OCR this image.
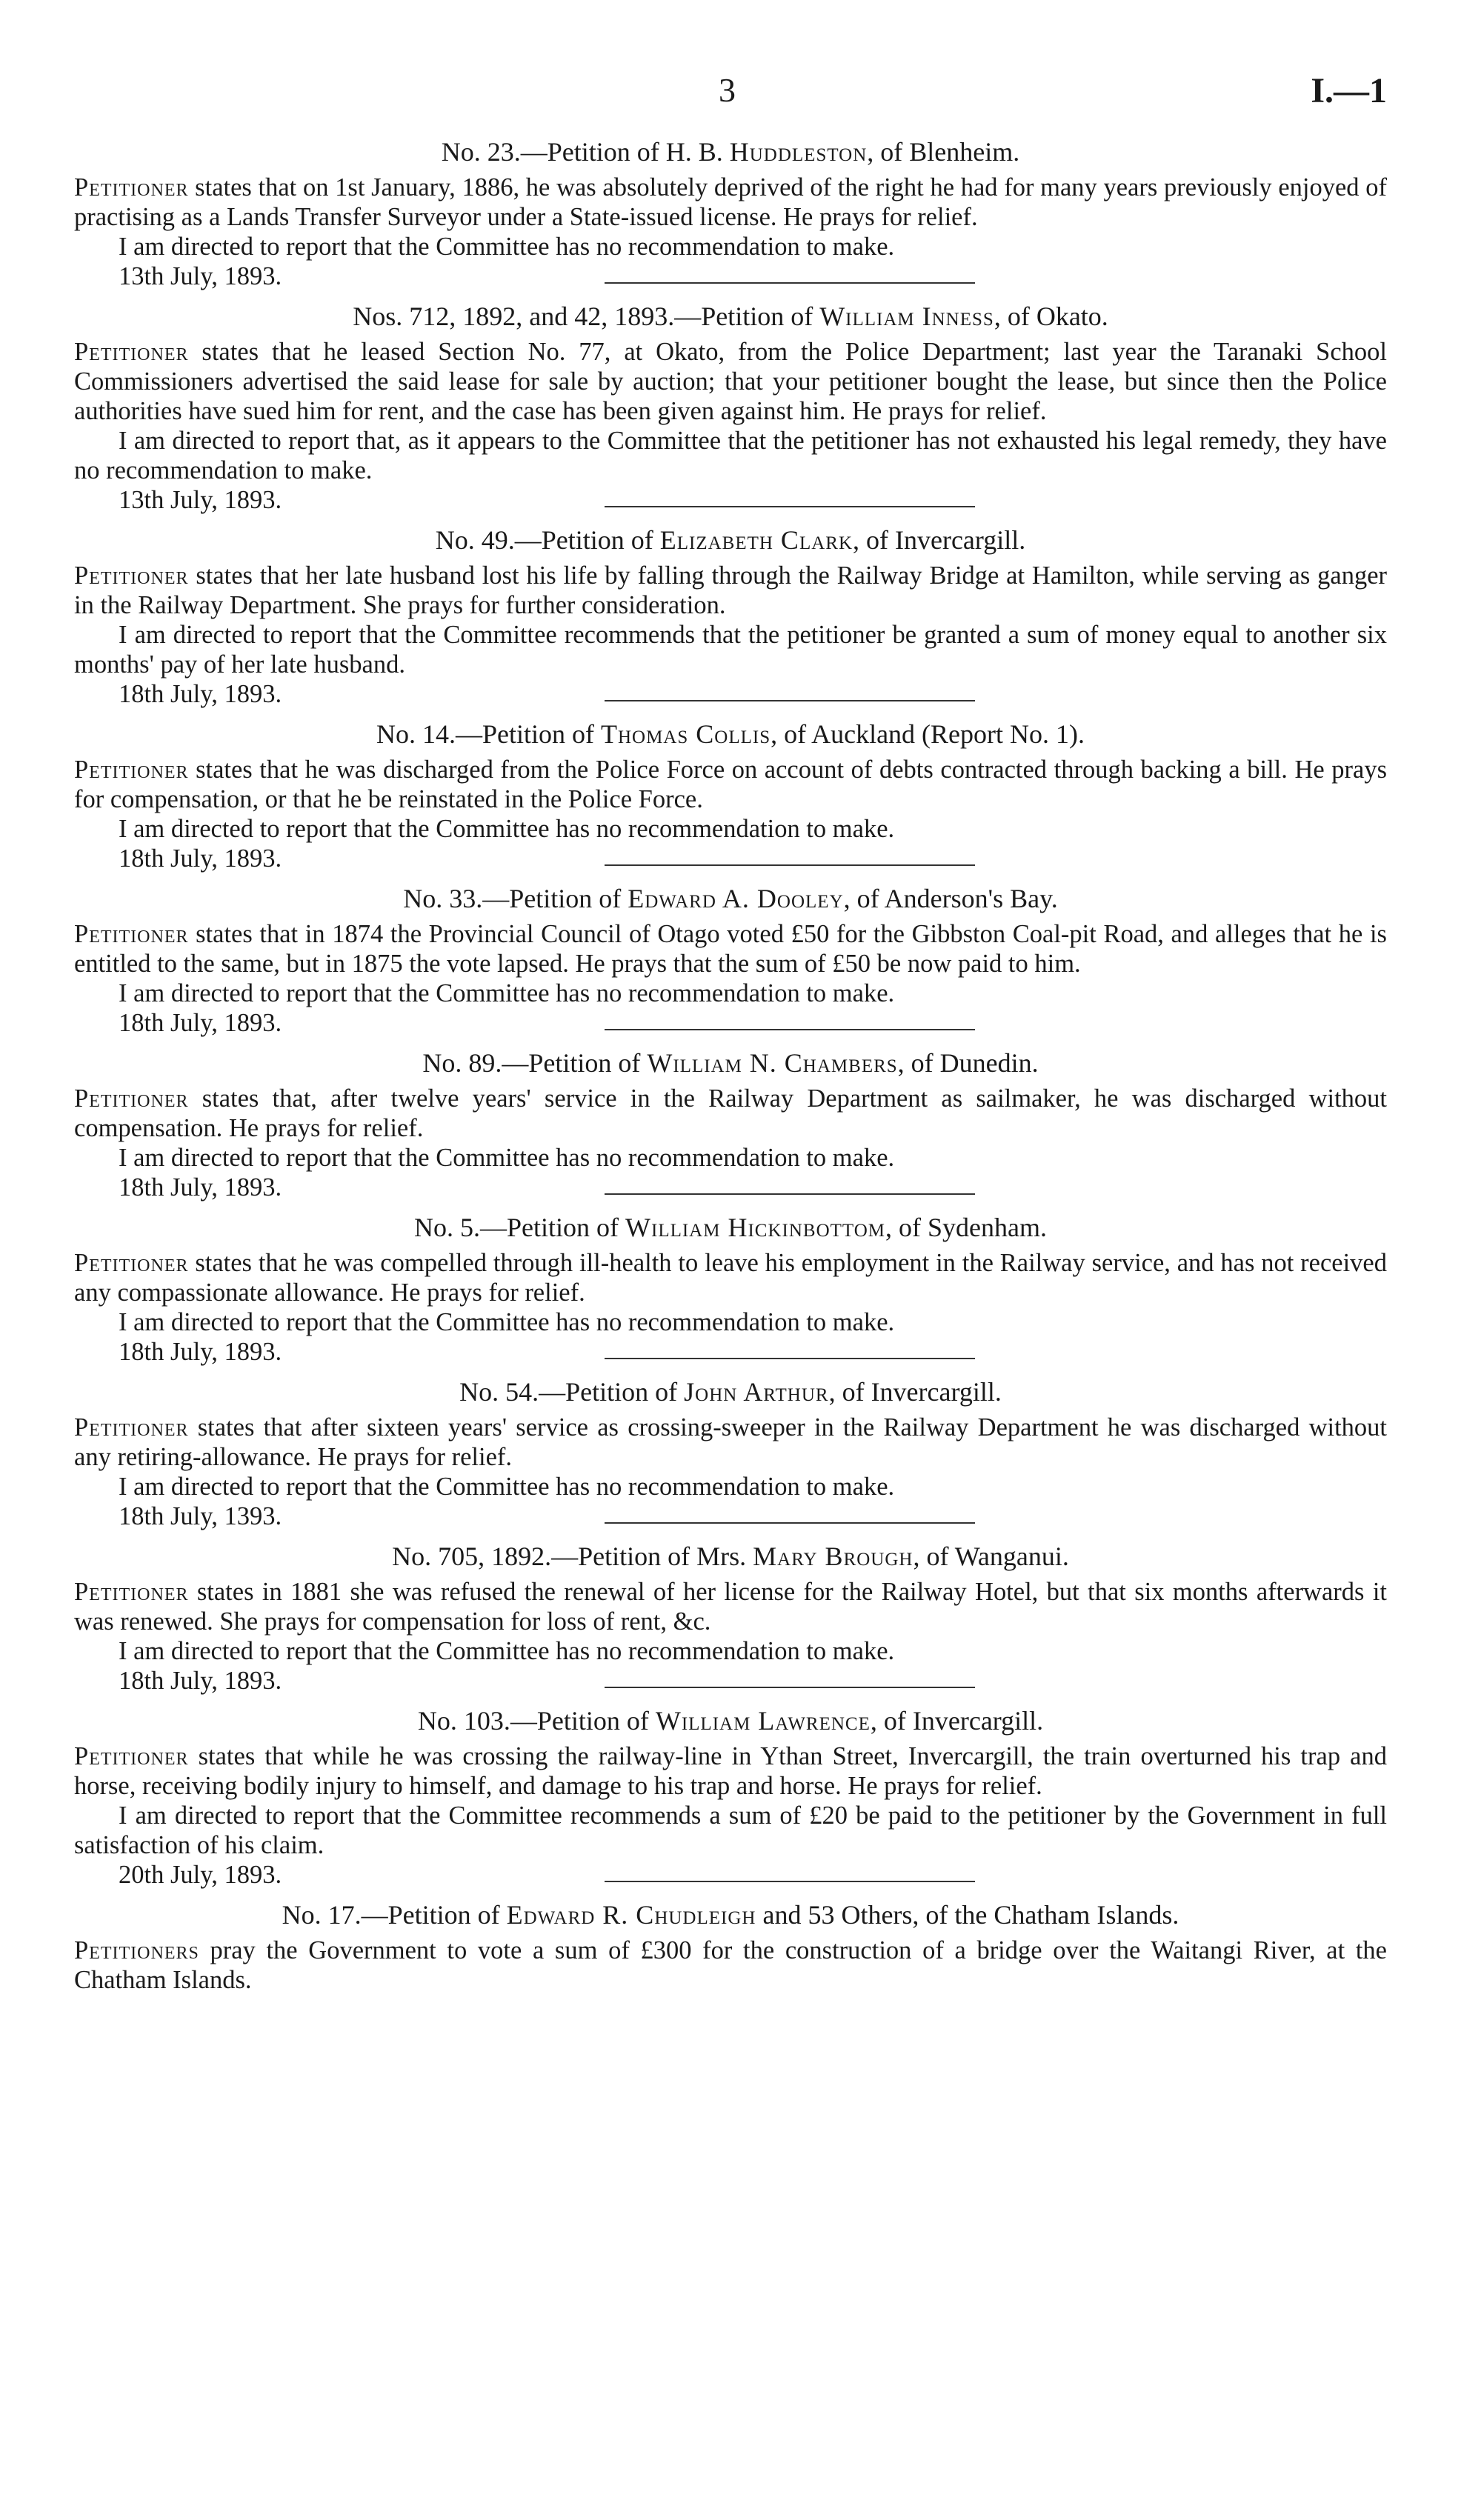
3	I.—1

No. 23.—Petition of H. B. Huddleston, of Blenheim.

Petitioner states that on 1st January, 1886, he was absolutely deprived of the right he had for many years previously enjoyed of practising as a Lands Transfer Surveyor under a State-issued license. He prays for relief.

I am directed to report that the Committee has no recommendation to make.

13th July, 1893.

Nos. 712, 1892, and 42, 1893.—Petition of William Inness, of Okato.

Petitioner states that he leased Section No. 77, at Okato, from the Police Department; last year the Taranaki School Commissioners advertised the said lease for sale by auction; that your petitioner bought the lease, but since then the Police authorities have sued him for rent, and the case has been given against him. He prays for relief.

I am directed to report that, as it appears to the Committee that the petitioner has not exhausted his legal remedy, they have no recommendation to make.

13th July, 1893.

No. 49.—Petition of Elizabeth Clark, of Invercargill.

Petitioner states that her late husband lost his life by falling through the Railway Bridge at Hamilton, while serving as ganger in the Railway Department. She prays for further consideration.

I am directed to report that the Committee recommends that the petitioner be granted a sum of money equal to another six months' pay of her late husband.

18th July, 1893.

No. 14.—Petition of Thomas Collis, of Auckland (Report No. 1).

Petitioner states that he was discharged from the Police Force on account of debts contracted through backing a bill. He prays for compensation, or that he be reinstated in the Police Force.

I am directed to report that the Committee has no recommendation to make.

18th July, 1893.

No. 33.—Petition of Edward A. Dooley, of Anderson's Bay.

Petitioner states that in 1874 the Provincial Council of Otago voted £50 for the Gibbston Coal-pit Road, and alleges that he is entitled to the same, but in 1875 the vote lapsed. He prays that the sum of £50 be now paid to him.

I am directed to report that the Committee has no recommendation to make.

18th July, 1893.

No. 89.—Petition of William N. Chambers, of Dunedin.

Petitioner states that, after twelve years' service in the Railway Department as sailmaker, he was discharged without compensation. He prays for relief.

I am directed to report that the Committee has no recommendation to make.

18th July, 1893.

No. 5.—Petition of William Hickinbottom, of Sydenham.

Petitioner states that he was compelled through ill-health to leave his employment in the Railway service, and has not received any compassionate allowance. He prays for relief.

I am directed to report that the Committee has no recommendation to make.

18th July, 1893.

No. 54.—Petition of John Arthur, of Invercargill.

Petitioner states that after sixteen years' service as crossing-sweeper in the Railway Department he was discharged without any retiring-allowance. He prays for relief.

I am directed to report that the Committee has no recommendation to make.

18th July, 1393.

No. 705, 1892.—Petition of Mrs. Mary Brough, of Wanganui.

Petitioner states in 1881 she was refused the renewal of her license for the Railway Hotel, but that six months afterwards it was renewed. She prays for compensation for loss of rent, &c.

I am directed to report that the Committee has no recommendation to make.

18th July, 1893.

No. 103.—Petition of William Lawrence, of Invercargill.

Petitioner states that while he was crossing the railway-line in Ythan Street, Invercargill, the train overturned his trap and horse, receiving bodily injury to himself, and damage to his trap and horse. He prays for relief.

I am directed to report that the Committee recommends a sum of £20 be paid to the petitioner by the Government in full satisfaction of his claim.

20th July, 1893.

No. 17.—Petition of Edward R. Chudleigh and 53 Others, of the Chatham Islands.

Petitioners pray the Government to vote a sum of £300 for the construction of a bridge over the Waitangi River, at the Chatham Islands.
